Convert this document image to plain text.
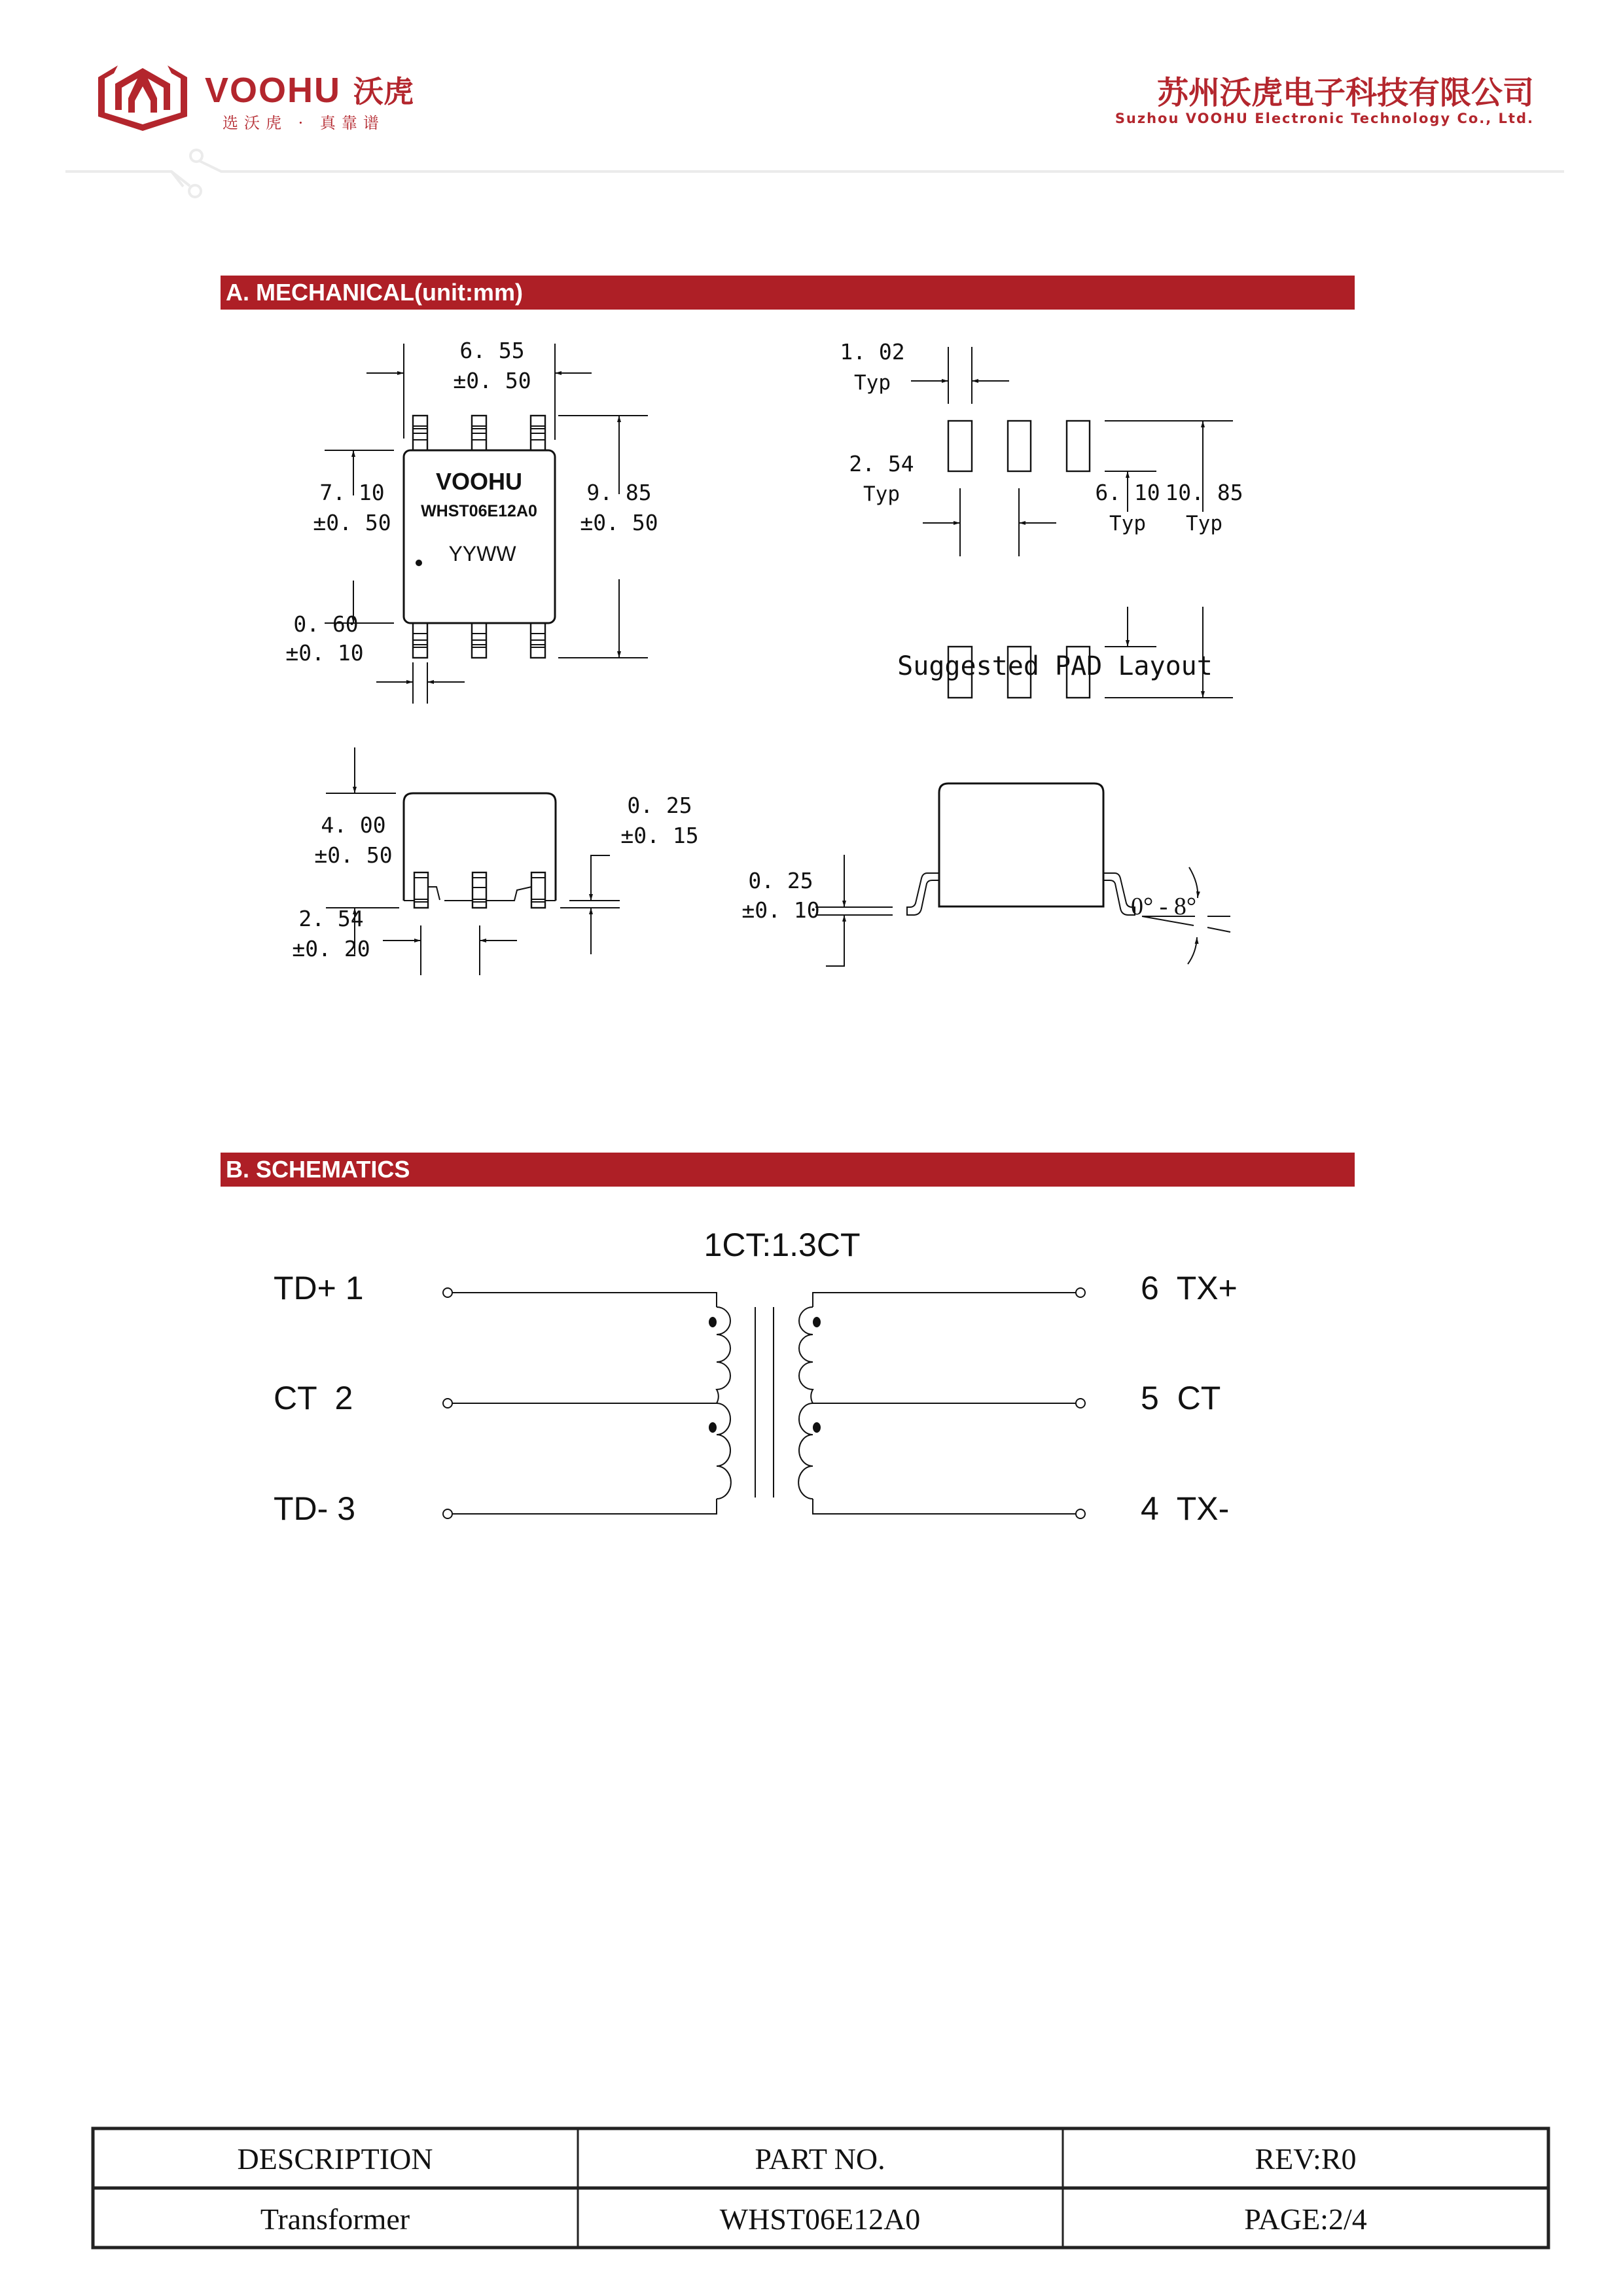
VOOHU 沃虎
选沃虎 · 真靠谱
苏州沃虎电子科技有限公司
Suzhou VOOHU Electronic Technology Co., Ltd.
A. MECHANICAL(unit:mm)
VOOHU
WHST06E12A0
YYWW
6. 55
±0. 50
7. 10
±0. 50
9. 85
±0. 50
0. 60
±0. 10
1. 02
Typ
2. 54
Typ	6. 10
Typ
10. 85
Typ
Suggested PAD Layout
4. 00
±0. 50
0. 25
±0. 15
2. 54
±0. 20
0. 25
±0. 10	0° - 8°
B. SCHEMATICS
1CT:1.3CT
TD+ 1
CT  2
TD- 3
6  TX+
5  CT
4  TX-
DESCRIPTION	PART NO.	REV:R0
Transformer	WHST06E12A0	PAGE:2/4
